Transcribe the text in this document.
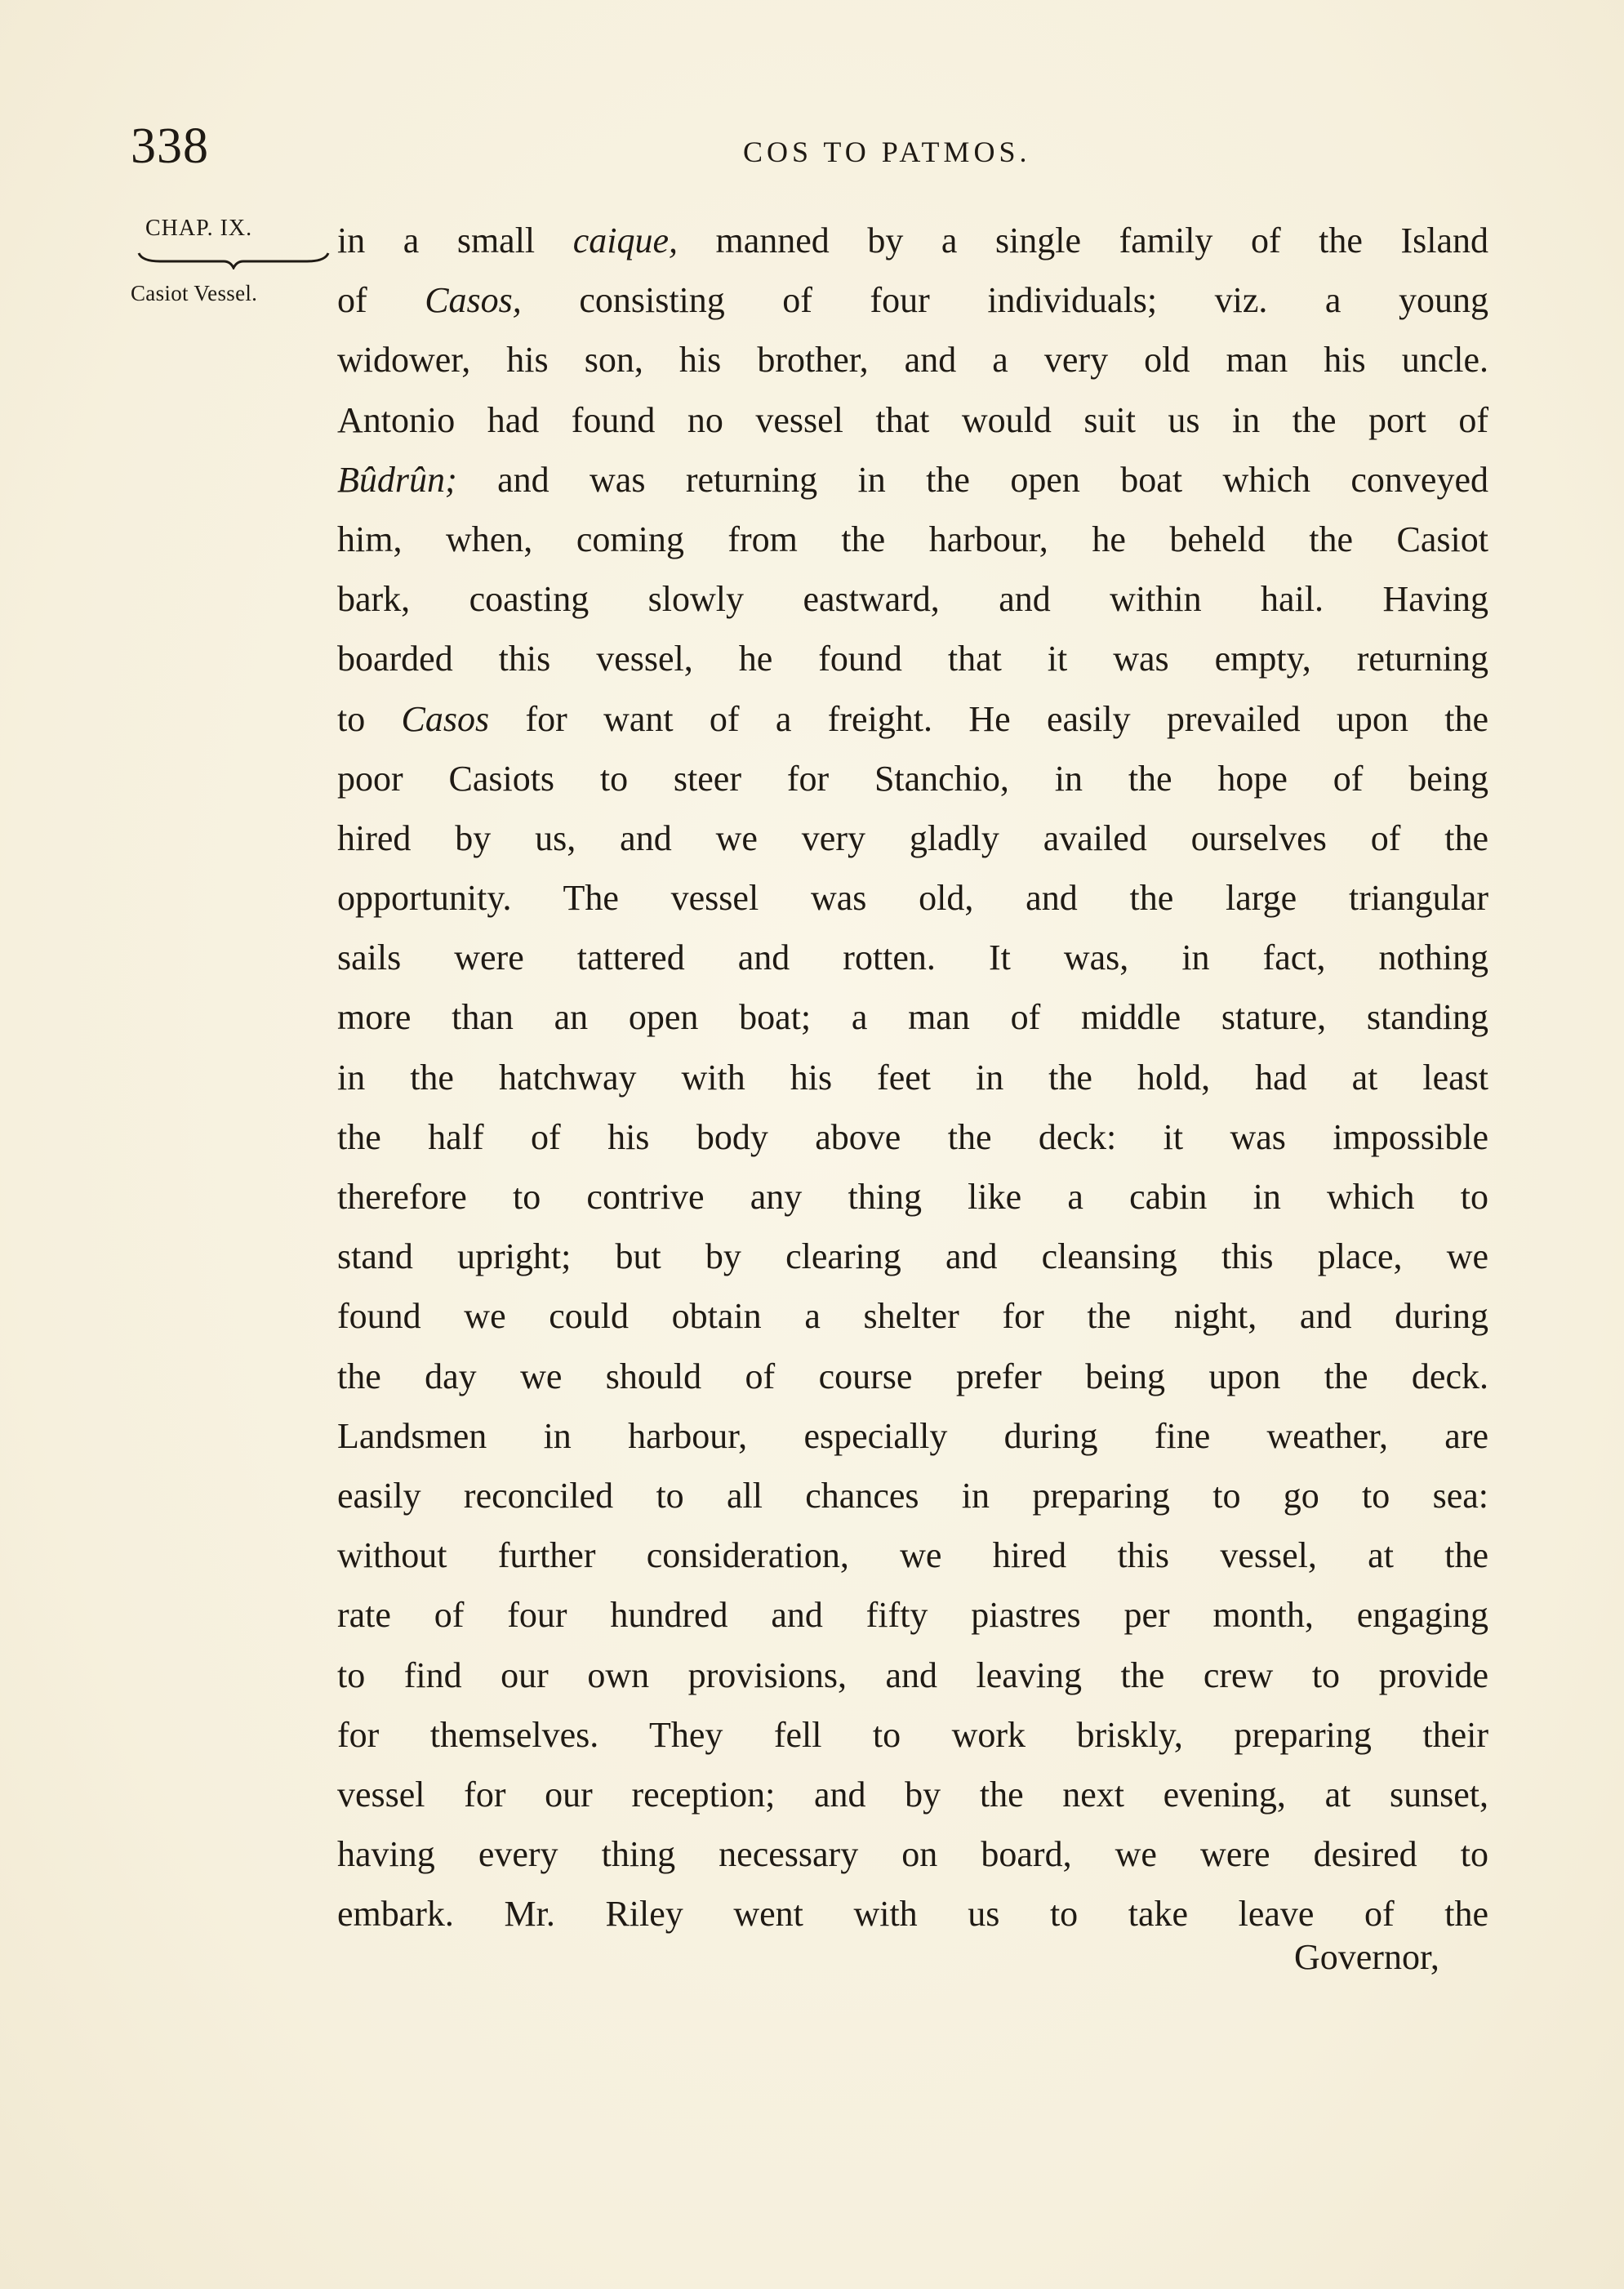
338	COS TO PATMOS.
CHAP. IX.
Casiot Vessel.
in a small caique, manned by a single family of the Island
of Casos, consisting of four individuals; viz. a young
widower, his son, his brother, and a very old man his uncle.
Antonio had found no vessel that would suit us in the port of
Bûdrûn; and was returning in the open boat which conveyed
him, when, coming from the harbour, he beheld the Casiot
bark, coasting slowly eastward, and within hail. Having
boarded this vessel, he found that it was empty, returning
to Casos for want of a freight. He easily prevailed upon the
poor Casiots to steer for Stanchio, in the hope of being
hired by us, and we very gladly availed ourselves of the
opportunity. The vessel was old, and the large triangular
sails were tattered and rotten. It was, in fact, nothing
more than an open boat; a man of middle stature, standing
in the hatchway with his feet in the hold, had at least
the half of his body above the deck: it was impossible
therefore to contrive any thing like a cabin in which to
stand upright; but by clearing and cleansing this place, we
found we could obtain a shelter for the night, and during
the day we should of course prefer being upon the deck.
Landsmen in harbour, especially during fine weather, are
easily reconciled to all chances in preparing to go to sea:
without further consideration, we hired this vessel, at the
rate of four hundred and fifty piastres per month, engaging
to find our own provisions, and leaving the crew to provide
for themselves. They fell to work briskly, preparing their
vessel for our reception; and by the next evening, at sunset,
having every thing necessary on board, we were desired to
embark. Mr. Riley went with us to take leave of the
Governor,
